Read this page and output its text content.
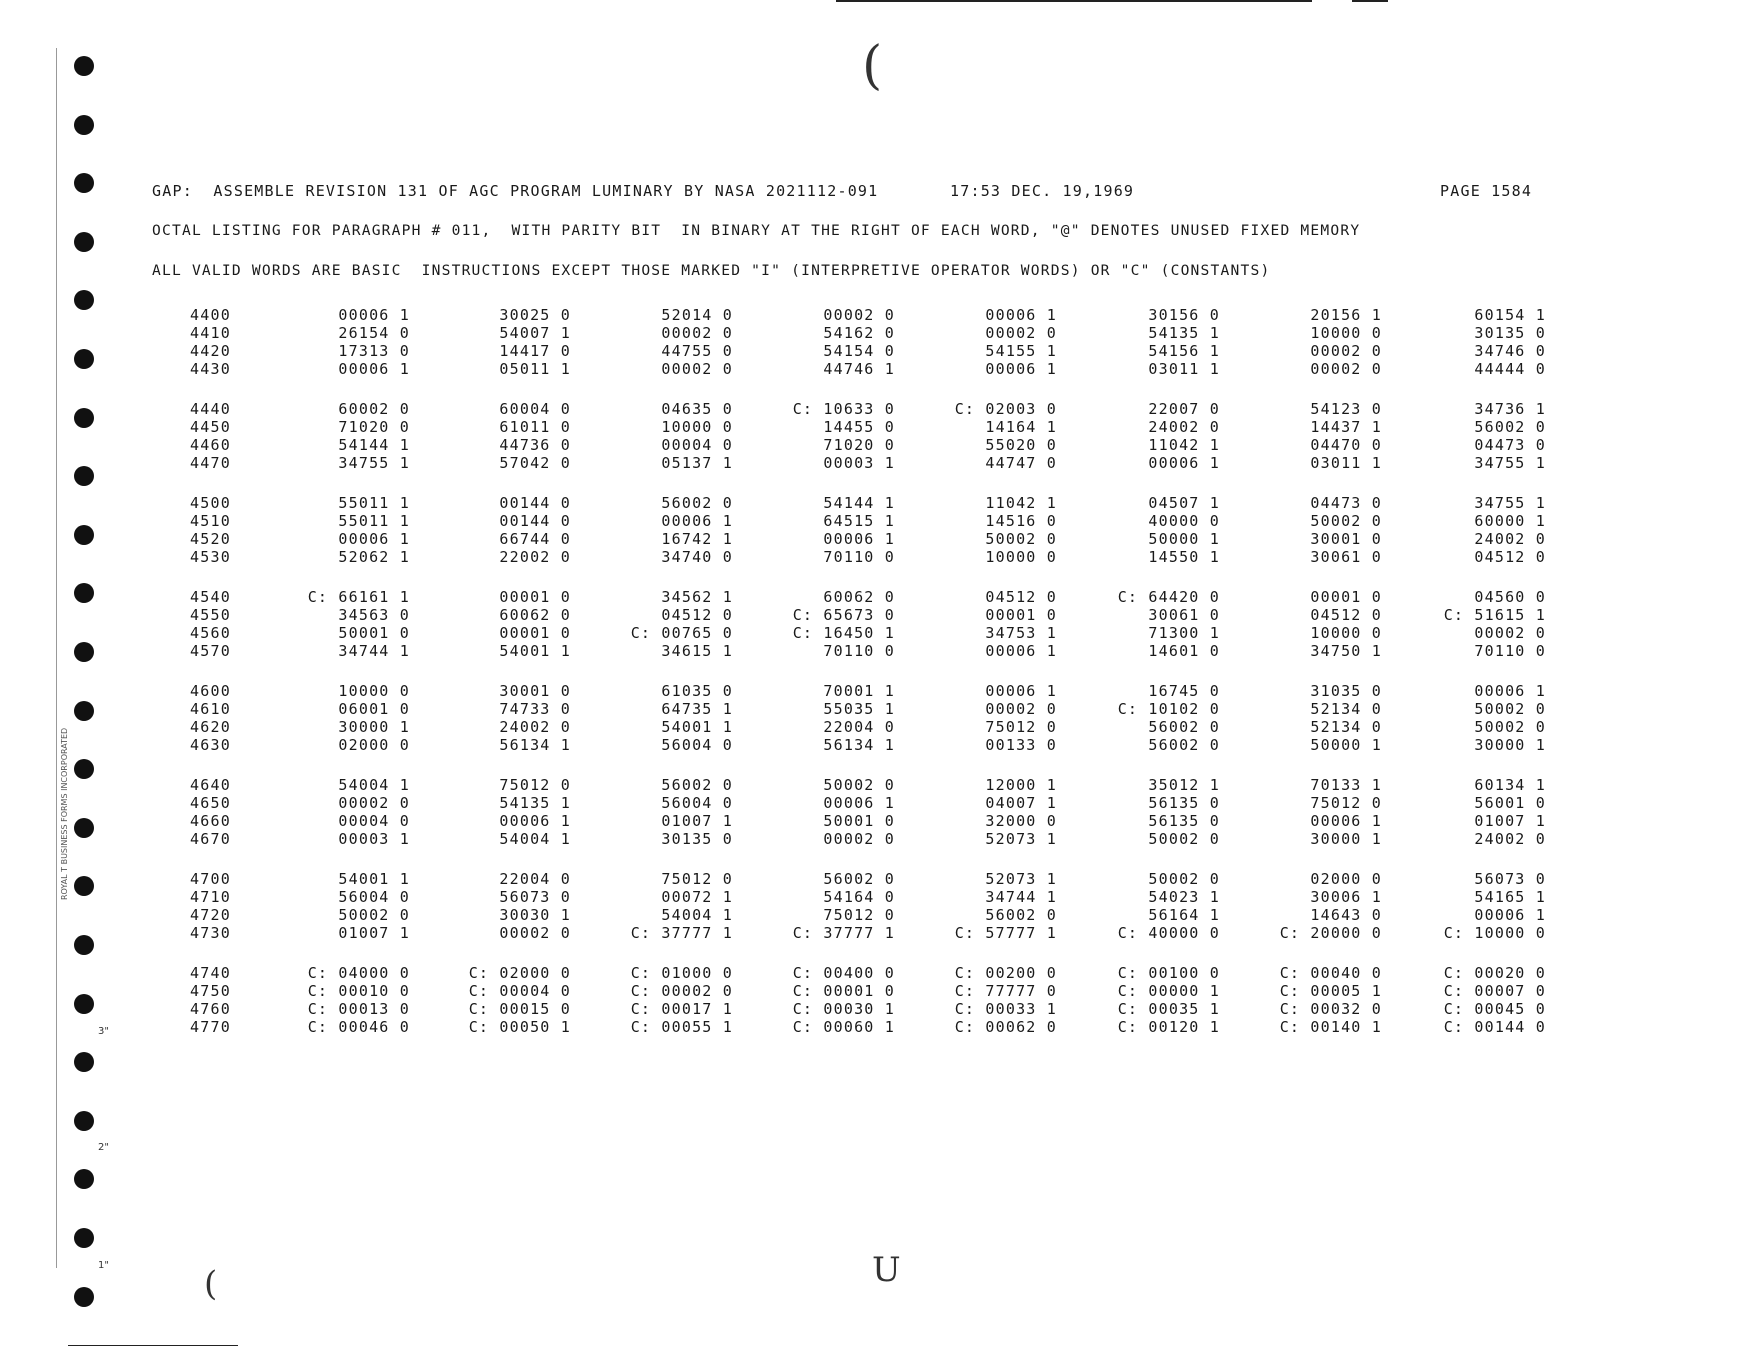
ROYAL T BUSINESS FORMS INCORPORATED
3"
2"
1"
(
(	U
GAP:  ASSEMBLE REVISION 131 OF AGC PROGRAM LUMINARY BY NASA 2021112-091       17:53 DEC. 19,1969	PAGE 1584
OCTAL LISTING FOR PARAGRAPH # 011,  WITH PARITY BIT  IN BINARY AT THE RIGHT OF EACH WORD, "@" DENOTES UNUSED FIXED MEMORY
ALL VALID WORDS ARE BASIC  INSTRUCTIONS EXCEPT THOSE MARKED "I" (INTERPRETIVE OPERATOR WORDS) OR "C" (CONSTANTS)
4400	00006 1	30025 0	52014 0	00002 0	00006 1	30156 0	20156 1	60154 1
4410	26154 0	54007 1	00002 0	54162 0	00002 0	54135 1	10000 0	30135 0
4420	17313 0	14417 0	44755 0	54154 0	54155 1	54156 1	00002 0	34746 0
4430	00006 1	05011 1	00002 0	44746 1	00006 1	03011 1	00002 0	44444 0
4440	60002 0	60004 0	04635 0	C: 10633 0	C: 02003 0	22007 0	54123 0	34736 1
4450	71020 0	61011 0	10000 0	14455 0	14164 1	24002 0	14437 1	56002 0
4460	54144 1	44736 0	00004 0	71020 0	55020 0	11042 1	04470 0	04473 0
4470	34755 1	57042 0	05137 1	00003 1	44747 0	00006 1	03011 1	34755 1
4500	55011 1	00144 0	56002 0	54144 1	11042 1	04507 1	04473 0	34755 1
4510	55011 1	00144 0	00006 1	64515 1	14516 0	40000 0	50002 0	60000 1
4520	00006 1	66744 0	16742 1	00006 1	50002 0	50000 1	30001 0	24002 0
4530	52062 1	22002 0	34740 0	70110 0	10000 0	14550 1	30061 0	04512 0
4540	C: 66161 1	00001 0	34562 1	60062 0	04512 0	C: 64420 0	00001 0	04560 0
4550	34563 0	60062 0	04512 0	C: 65673 0	00001 0	30061 0	04512 0	C: 51615 1
4560	50001 0	00001 0	C: 00765 0	C: 16450 1	34753 1	71300 1	10000 0	00002 0
4570	34744 1	54001 1	34615 1	70110 0	00006 1	14601 0	34750 1	70110 0
4600	10000 0	30001 0	61035 0	70001 1	00006 1	16745 0	31035 0	00006 1
4610	06001 0	74733 0	64735 1	55035 1	00002 0	C: 10102 0	52134 0	50002 0
4620	30000 1	24002 0	54001 1	22004 0	75012 0	56002 0	52134 0	50002 0
4630	02000 0	56134 1	56004 0	56134 1	00133 0	56002 0	50000 1	30000 1
4640	54004 1	75012 0	56002 0	50002 0	12000 1	35012 1	70133 1	60134 1
4650	00002 0	54135 1	56004 0	00006 1	04007 1	56135 0	75012 0	56001 0
4660	00004 0	00006 1	01007 1	50001 0	32000 0	56135 0	00006 1	01007 1
4670	00003 1	54004 1	30135 0	00002 0	52073 1	50002 0	30000 1	24002 0
4700	54001 1	22004 0	75012 0	56002 0	52073 1	50002 0	02000 0	56073 0
4710	56004 0	56073 0	00072 1	54164 0	34744 1	54023 1	30006 1	54165 1
4720	50002 0	30030 1	54004 1	75012 0	56002 0	56164 1	14643 0	00006 1
4730	01007 1	00002 0	C: 37777 1	C: 37777 1	C: 57777 1	C: 40000 0	C: 20000 0	C: 10000 0
4740	C: 04000 0	C: 02000 0	C: 01000 0	C: 00400 0	C: 00200 0	C: 00100 0	C: 00040 0	C: 00020 0
4750	C: 00010 0	C: 00004 0	C: 00002 0	C: 00001 0	C: 77777 0	C: 00000 1	C: 00005 1	C: 00007 0
4760	C: 00013 0	C: 00015 0	C: 00017 1	C: 00030 1	C: 00033 1	C: 00035 1	C: 00032 0	C: 00045 0
4770	C: 00046 0	C: 00050 1	C: 00055 1	C: 00060 1	C: 00062 0	C: 00120 1	C: 00140 1	C: 00144 0
